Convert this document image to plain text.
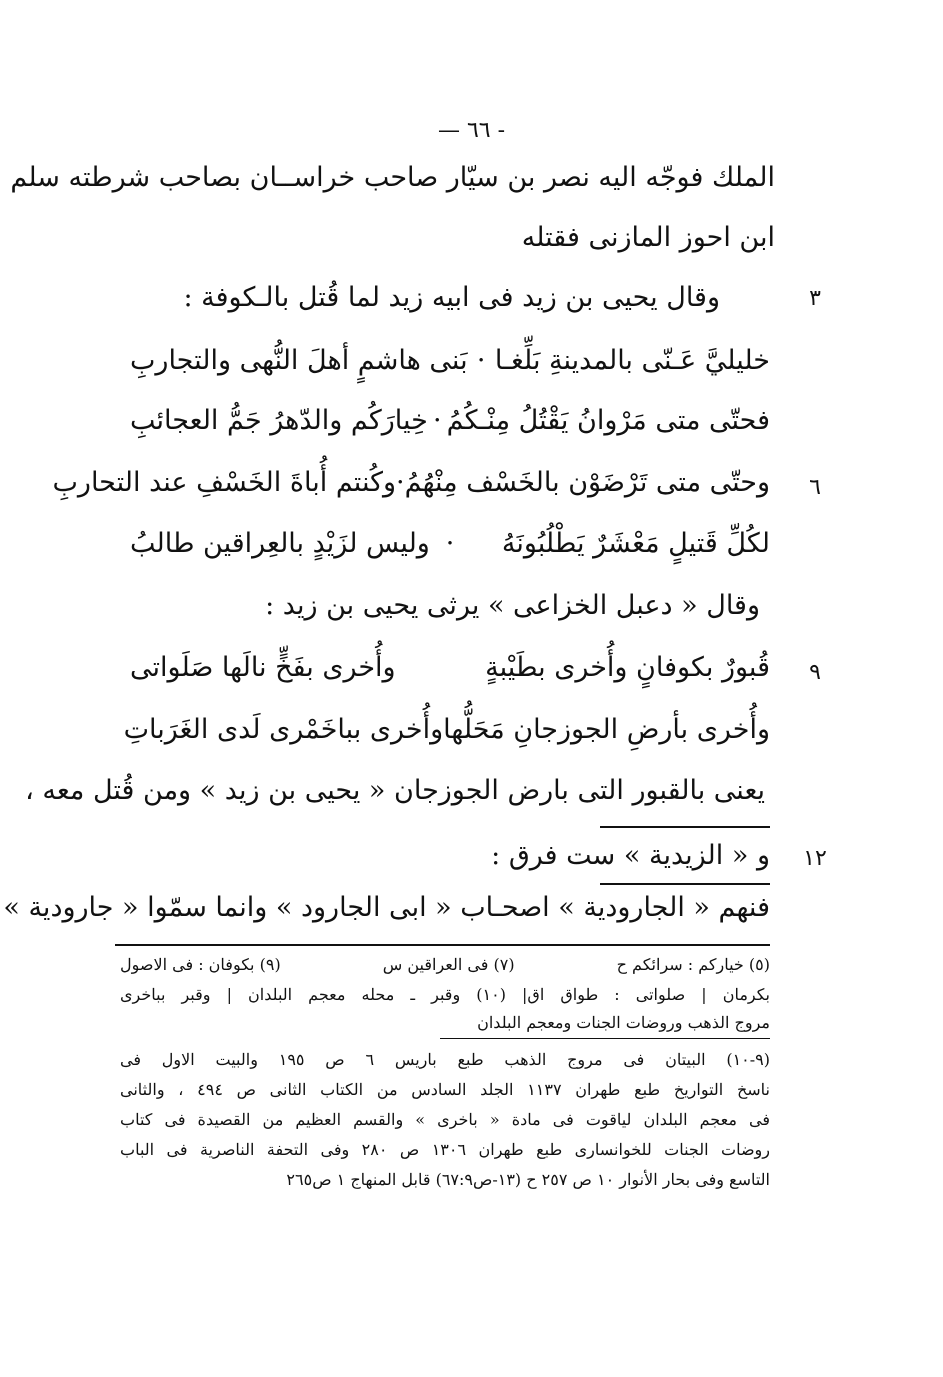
— ٦٦ -
الملك فوجّه اليه نصر بن سيّار صاحب خراســان بصاحب شرطته سلم
ابن احوز المازنى فقتله
٣
وقال يحيى بن زيد فى ابيه زيد لما قُتل بالـكوفة :
خليليَّ عَـنّى بالمدينةِ بَلِّغـا
·
بَنى هاشمٍ أهلَ النُّهى والتجاربِ
فحتّى متى مَرْوانُ يَقْتُلُ مِنْـكُمُ
·
خِيارَكُم والدّهرُ جَمُّ العجائبِ
٦
وحتّى متى تَرْضَوْن بالخَسْف مِنْهُمُ
·
وكُنتم أُباةَ الخَسْفِ عند التحاربِ
لكُلِّ قَتيلٍ مَعْشَرٌ يَطْلُبُونَهُ
·
وليس لزَيْدٍ بالعِراقين طالبُ
وقال « دعبل الخزاعى » يرثى يحيى بن زيد :
٩
قُبورٌ بكوفانٍ وأُخرى بطَيْبةٍ
وأُخرى بفَخٍّ نالَها صَلَواتى
وأُخرى بأرضِ الجوزجانِ مَحَلُّها
وأُخرى بباخَمْرى لَدى الغَرَباتِ
يعنى بالقبور التى بارض الجوزجان « يحيى بن زيد » ومن قُتل معه ،
١٢
و « الزيدية » ست فرق :
فنهم « الجارودية » اصحـاب « ابى الجارود » وانما سمّوا « جارودية »
(٥) خيارکم : سرائکم ح
(٧) فى العراقين س
(٩) بكوفان : فى الاصول
بكرمان | صلواتى : طواق اق| (١٠) وقبر ـ محله معجم البلدان | وقبر بباخرى
مروج الذهب وروضات الجنات ومعجم البلدان
(٩-١٠) البيتان فى مروج الذهب طبع باريس ٦ ص ١٩٥ والبيت الاول فى
ناسخ التواريخ طبع طهران ١١٣٧ الجلد السادس من الكتاب الثانى ص ٤٩٤ ، والثانى
فى معجم البلدان لياقوت فى مادة « باخرى » والقسم العظيم من القصيدة فى كتاب
روضات الجنات للخوانسارى طبع طهران ١٣٠٦ ص ٢٨٠ وفى التحفة الناصرية فى الباب
التاسع وفى بحار الأنوار ١٠ ص ٢٥٧ ح (١٣-ص٦٧:٩) قابل المنهاج ١ ص٢٦٥
